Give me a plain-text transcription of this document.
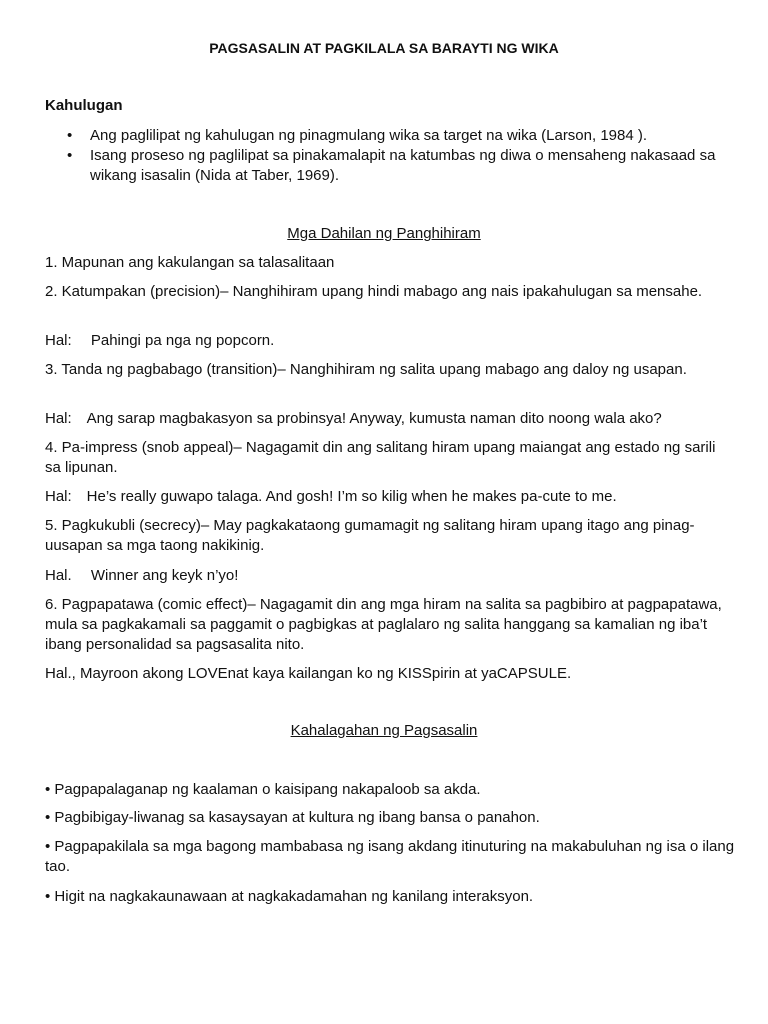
PAGSASALIN AT PAGKILALA SA BARAYTI NG WIKA
Kahulugan
• Ang paglilipat ng kahulugan ng pinagmulang wika sa target na wika (Larson, 1984 ).
• Isang proseso ng paglilipat sa pinakamalapit na katumbas ng diwa o mensaheng nakasaad sa wikang isasalin (Nida at Taber, 1969).
Mga Dahilan ng Panghihiram

1. Mapunan ang kakulangan sa talasalitaan

2. Katumpakan (precision)– Nanghihiram upang hindi mabago ang nais ipakahulugan sa mensahe.

Hal:  Pahingi pa nga ng popcorn.

3. Tanda ng pagbabago (transition)– Nanghihiram ng salita upang mabago ang daloy ng usapan.

Hal: Ang sarap magbakasyon sa probinsya! Anyway, kumusta naman dito noong wala ako?

4. Pa-impress (snob appeal)– Nagagamit din ang salitang hiram upang maiangat ang estado ng sarili sa lipunan.

Hal: He’s really guwapo talaga. And gosh! I’m so kilig when he makes pa-cute to me.

5. Pagkukubli (secrecy)– May pagkakataong gumamagit ng salitang hiram upang itago ang pinag-uusapan sa mga taong nakikinig.

Hal.  Winner ang keyk n’yo!

6. Pagpapatawa (comic effect)– Nagagamit din ang mga hiram na salita sa pagbibiro at pagpapatawa, mula sa pagkakamali sa paggamit o pagbigkas at paglalaro ng salita hanggang sa kamalian ng iba’t ibang personalidad sa pagsasalita nito.

Hal., Mayroon akong LOVEnat kaya kailangan ko ng KISSpirin at yaCAPSULE.

Kahalagahan ng Pagsasalin

• Pagpapalaganap ng kaalaman o kaisipang nakapaloob sa akda.

• Pagbibigay-liwanag sa kasaysayan at kultura ng ibang bansa o panahon.

• Pagpapakilala sa mga bagong mambabasa ng isang akdang itinuturing na makabuluhan ng isa o ilang tao.

• Higit na nagkakaunawaan at nagkakadamahan ng kanilang interaksyon.
